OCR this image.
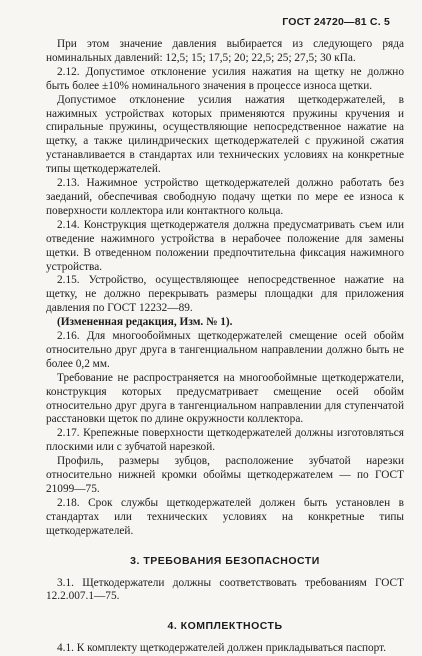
ГОСТ 24720—81 С. 5

При этом значение давления выбирается из следующего ряда номинальных давлений: 12,5; 15; 17,5; 20; 22,5; 25; 27,5; 30 кПа.

2.12. Допустимое отклонение усилия нажатия на щетку не должно быть более ±10% номинального значения в процессе износа щетки.

Допустимое отклонение усилия нажатия щеткодержателей, в нажимных устройствах которых применяются пружины кручения и спиральные пружины, осуществляющие непосредственное нажатие на щетку, а также цилиндрических щеткодержателей с пружиной сжатия устанавливается в стандартах или технических условиях на конкретные типы щеткодержателей.

2.13. Нажимное устройство щеткодержателей должно работать без заеданий, обеспечивая свободную подачу щетки по мере ее износа к поверхности коллектора или контактного кольца.

2.14. Конструкция щеткодержателя должна предусматривать съем или отведение нажимного устройства в нерабочее положение для замены щетки. В отведенном положении предпочтительна фиксация нажимного устройства.

2.15. Устройство, осуществляющее непосредственное нажатие на щетку, не должно перекрывать размеры площадки для приложения давления по ГОСТ 12232—89.

(Измененная редакция, Изм. № 1).

2.16. Для многообоймных щеткодержателей смещение осей обойм относительно друг друга в тангенциальном направлении должно быть не более 0,2 мм.

Требование не распространяется на многообоймные щеткодержатели, конструкция которых предусматривает смещение осей обойм относительно друг друга в тангенциальном направлении для ступенчатой расстановки щеток по длине окружности коллектора.

2.17. Крепежные поверхности щеткодержателей должны изготовляться плоскими или с зубчатой нарезкой.

Профиль, размеры зубцов, расположение зубчатой нарезки относительно нижней кромки обоймы щеткодержателем — по ГОСТ 21099—75.

2.18. Срок службы щеткодержателей должен быть установлен в стандартах или технических условиях на конкретные типы щеткодержателей.

3. ТРЕБОВАНИЯ БЕЗОПАСНОСТИ

3.1. Щеткодержатели должны соответствовать требованиям ГОСТ 12.2.007.1—75.

4. КОМПЛЕКТНОСТЬ

4.1. К комплекту щеткодержателей должен прикладываться паспорт.
